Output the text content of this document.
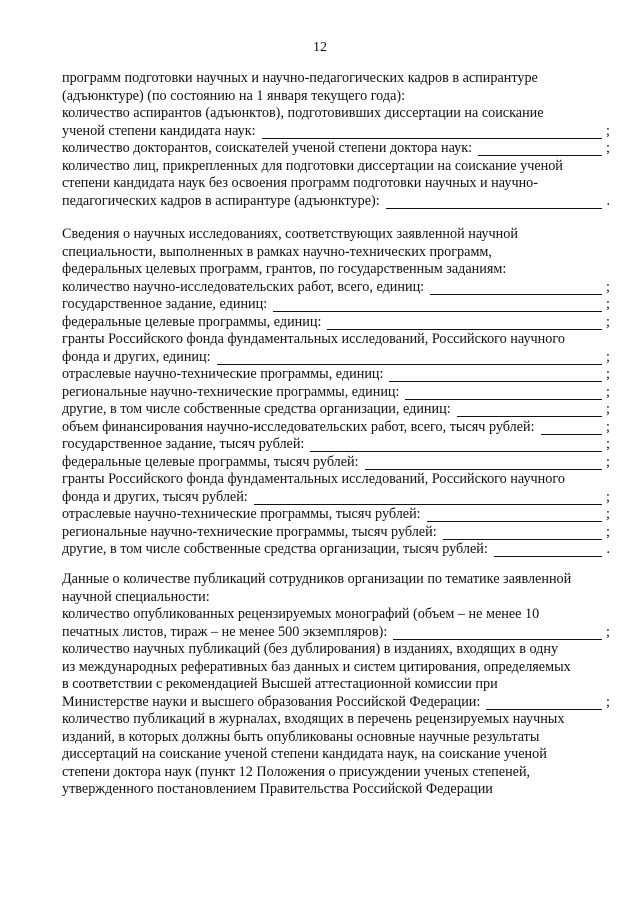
12
программ подготовки научных и научно-педагогических кадров в аспирантуре
(адъюнктуре) (по состоянию на 1 января текущего года):
количество аспирантов (адъюнктов), подготовивших диссертации на соискание
ученой степени кандидата наук:	;
количество докторантов, соискателей ученой степени доктора наук:	;
количество лиц, прикрепленных для подготовки диссертации на соискание ученой
степени кандидата наук без освоения программ подготовки научных и научно-
педагогических кадров в аспирантуре (адъюнктуре):	.
Сведения о научных исследованиях, соответствующих заявленной научной
специальности, выполненных в рамках научно-технических программ,
федеральных целевых программ, грантов, по государственным заданиям:
количество научно-исследовательских работ, всего, единиц:	;
государственное задание, единиц:	;
федеральные целевые программы, единиц:	;
гранты Российского фонда фундаментальных исследований, Российского научного
фонда и других, единиц:	;
отраслевые научно-технические программы, единиц:	;
региональные научно-технические программы, единиц:	;
другие, в том числе собственные средства организации, единиц:	;
объем финансирования научно-исследовательских работ, всего, тысяч рублей:	;
государственное задание, тысяч рублей:	;
федеральные целевые программы, тысяч рублей:	;
гранты Российского фонда фундаментальных исследований, Российского научного
фонда и других, тысяч рублей:	;
отраслевые научно-технические программы, тысяч рублей:	;
региональные научно-технические программы, тысяч рублей:	;
другие, в том числе собственные средства организации, тысяч рублей:	.
Данные о количестве публикаций сотрудников организации по тематике заявленной
научной специальности:
количество опубликованных рецензируемых монографий (объем – не менее 10
печатных листов, тираж – не менее 500 экземпляров):	;
количество научных публикаций (без дублирования) в изданиях, входящих в одну
из международных реферативных баз данных и систем цитирования, определяемых
в соответствии с рекомендацией Высшей аттестационной комиссии при
Министерстве науки и высшего образования Российской Федерации:	;
количество публикаций в журналах, входящих в перечень рецензируемых научных
изданий, в которых должны быть опубликованы основные научные результаты
диссертаций на соискание ученой степени кандидата наук, на соискание ученой
степени доктора наук (пункт 12 Положения о присуждении ученых степеней,
утвержденного постановлением Правительства Российской Федерации
